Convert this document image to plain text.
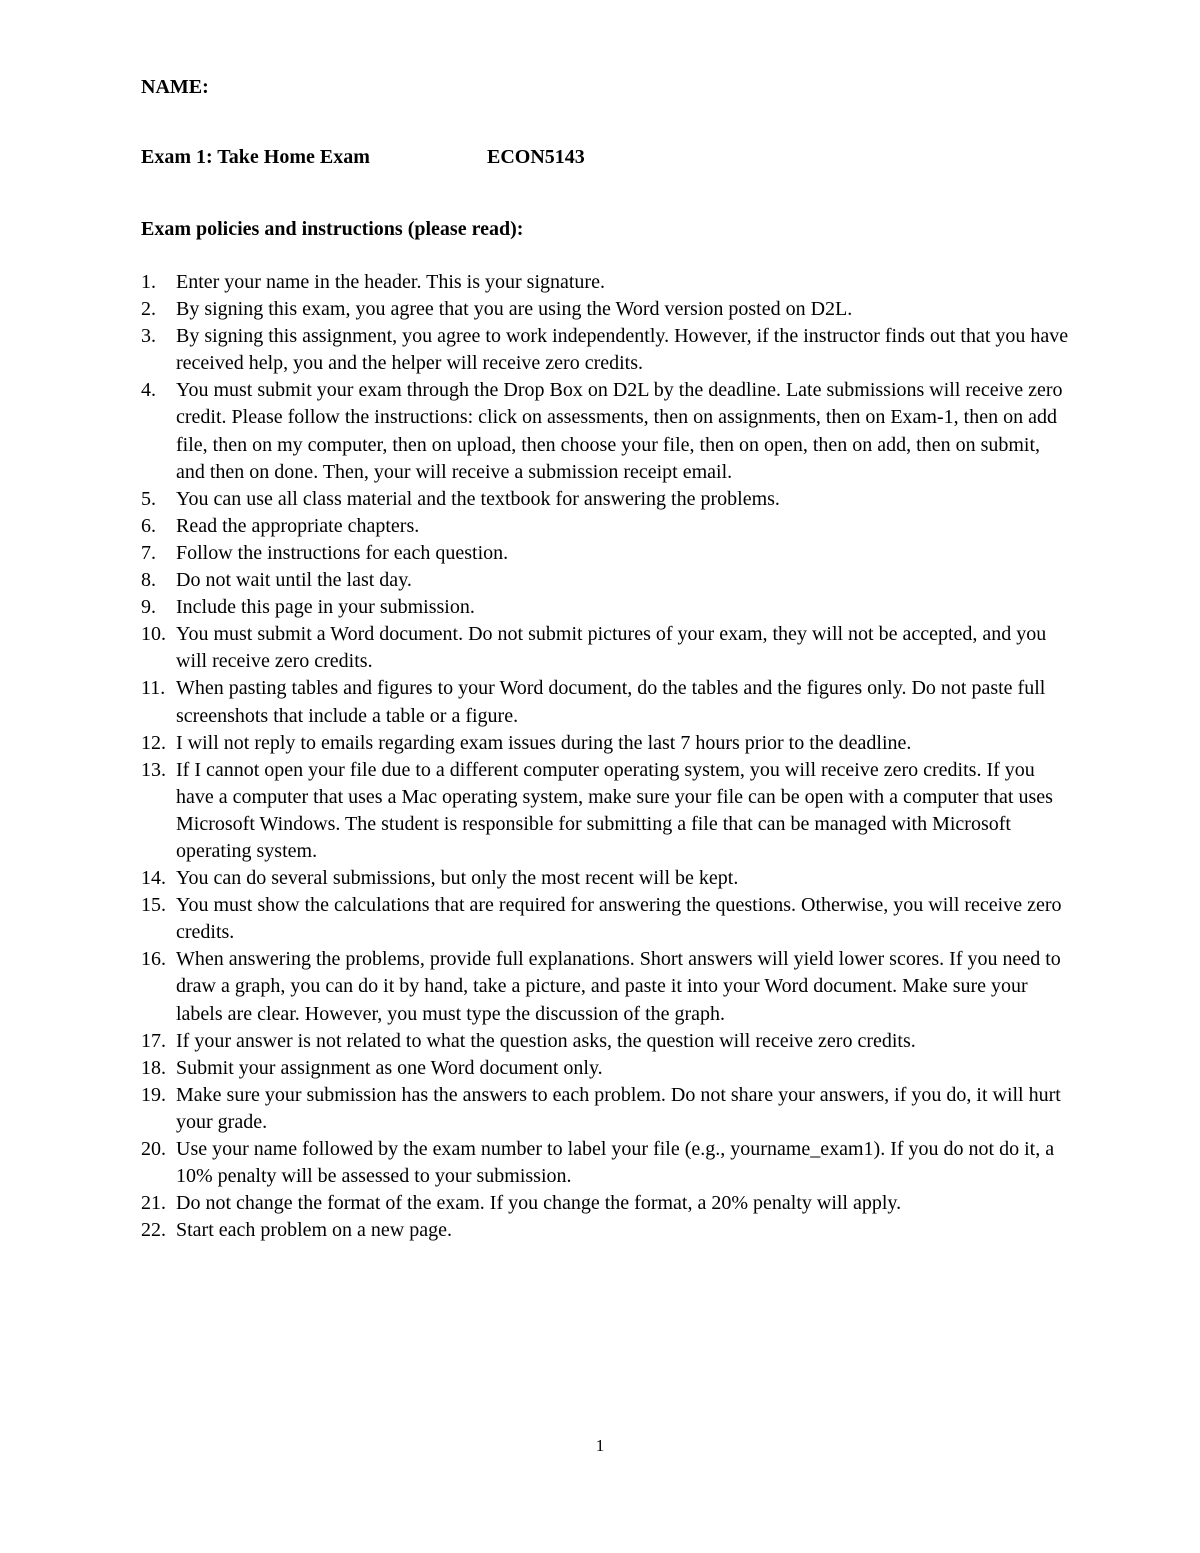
NAME:
Exam 1: Take Home Exam	ECON5143
Exam policies and instructions (please read):
1.	Enter your name in the header. This is your signature.
2.	By signing this exam, you agree that you are using the Word version posted on D2L.
3.	By signing this assignment, you agree to work independently. However, if the instructor finds out that you have received help, you and the helper will receive zero credits.
4.	You must submit your exam through the Drop Box on D2L by the deadline. Late submissions will receive zero credit. Please follow the instructions: click on assessments, then on assignments, then on Exam-1, then on add file, then on my computer, then on upload, then choose your file, then on open, then on add, then on submit, and then on done. Then, your will receive a submission receipt email.
5.	You can use all class material and the textbook for answering the problems.
6.	Read the appropriate chapters.
7.	Follow the instructions for each question.
8.	Do not wait until the last day.
9.	Include this page in your submission.
10. You must submit a Word document. Do not submit pictures of your exam, they will not be accepted, and you will receive zero credits.
11. When pasting tables and figures to your Word document, do the tables and the figures only. Do not paste full screenshots that include a table or a figure.
12. I will not reply to emails regarding exam issues during the last 7 hours prior to the deadline.
13. If I cannot open your file due to a different computer operating system, you will receive zero credits. If you have a computer that uses a Mac operating system, make sure your file can be open with a computer that uses Microsoft Windows. The student is responsible for submitting a file that can be managed with Microsoft operating system.
14. You can do several submissions, but only the most recent will be kept.
15. You must show the calculations that are required for answering the questions. Otherwise, you will receive zero credits.
16. When answering the problems, provide full explanations. Short answers will yield lower scores. If you need to draw a graph, you can do it by hand, take a picture, and paste it into your Word document. Make sure your labels are clear. However, you must type the discussion of the graph.
17. If your answer is not related to what the question asks, the question will receive zero credits.
18. Submit your assignment as one Word document only.
19. Make sure your submission has the answers to each problem. Do not share your answers, if you do, it will hurt your grade.
20. Use your name followed by the exam number to label your file (e.g., yourname_exam1). If you do not do it, a 10% penalty will be assessed to your submission.
21. Do not change the format of the exam. If you change the format, a 20% penalty will apply.
22. Start each problem on a new page.
1
